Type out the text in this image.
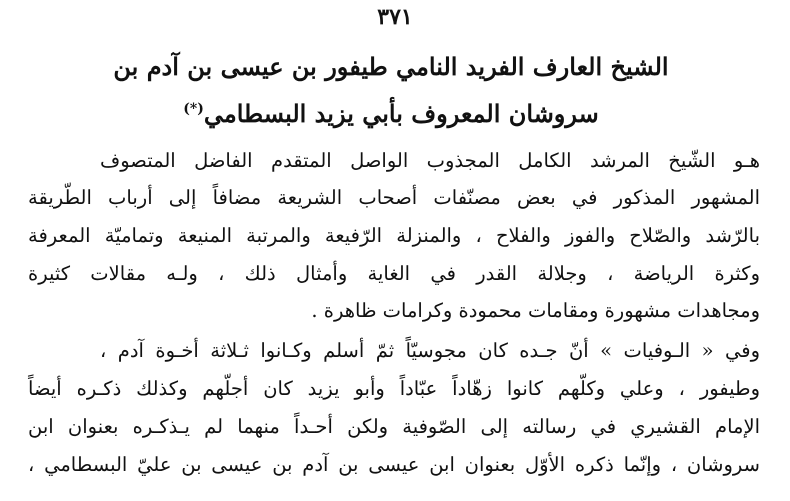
٣٧١
الشيخ العارف الفريد النامي طيفور بن عيسى بن آدم بن
سروشان المعروف بأبي يزيد البسطامي(*)
هـو الشّيخ المرشد الكامل المجذوب الواصل المتقدم الفاضل المتصوف
المشهور المذكور في بعض مصنّفات أصحاب الشريعة مضافاً إلى أرباب الطّريقة
بالرّشد والصّلاح والفوز والفلاح ، والمنزلة الرّفيعة والمرتبة المنيعة وتماميّة المعرفة
وكثرة الرياضة ، وجلالة القدر في الغاية وأمثال ذلك ، ولـه مقالات كثيرة
ومجاهدات مشهورة ومقامات محمودة وكرامات ظاهرة .
وفي « الـوفيات » أنّ جـده كان مجوسيّاً ثمّ أسلم وكـانوا ثـلاثة أخـوة آدم ،
وطيفور ، وعلي وكلّهم كانوا زهّاداً عبّاداً وأبو يزيد كان أجلّهم وكذلك ذكـره أيضاً
الإمام القشيري في رسالته إلى الصّوفية ولكن أحـداً منهما لم يـذكـره بعنوان ابن
سروشان ، وإنّما ذكره الأوّل بعنوان ابن عيسى بن آدم بن عيسى بن عليّ البسطامي ،
